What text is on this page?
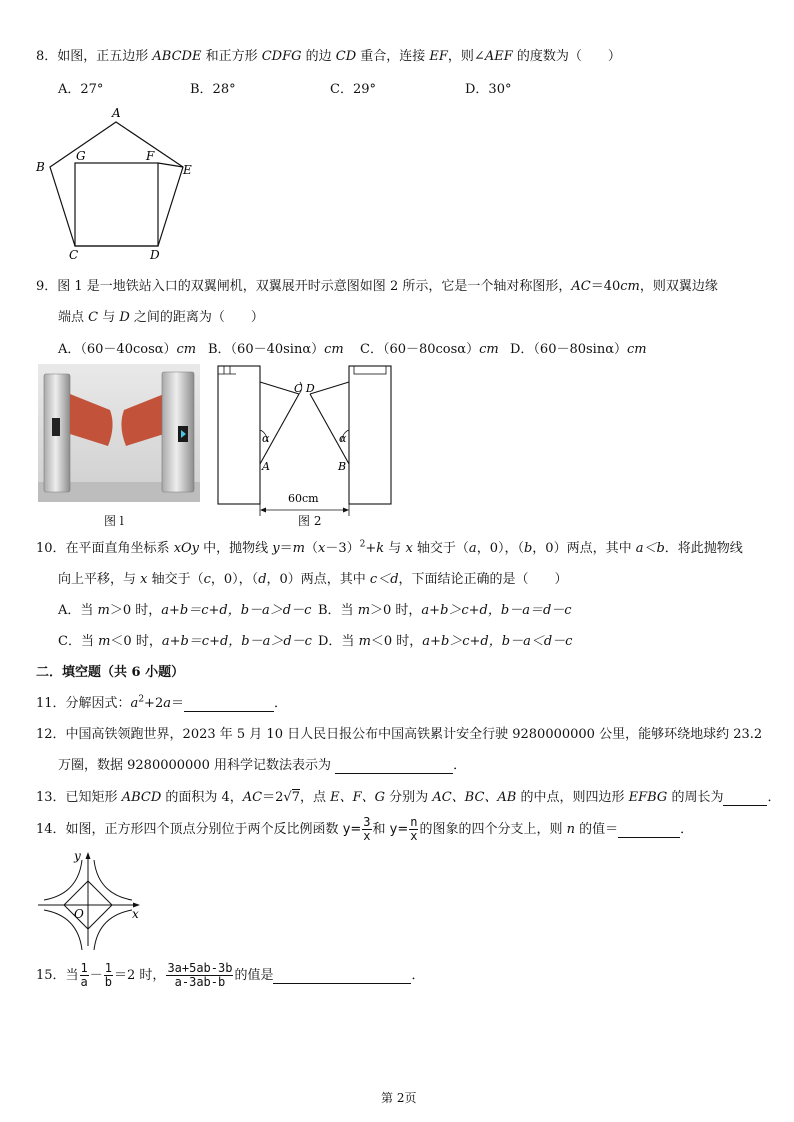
8．如图，正五边形 ABCDE 和正方形 CDFG 的边 CD 重合，连接 EF，则∠AEF 的度数为（　　）
A．27°	B．28°	C．29°	D．30°
A
B
G	F
E
C	D
9．图 1 是一地铁站入口的双翼闸机，双翼展开时示意图如图 2 所示，它是一个轴对称图形，AC＝40cm，则双翼边缘
端点 C 与 D 之间的距离为（　　）
A．（60－40cosα）cm B．（60－40sinα）cm C．（60－80cosα）cm D．（60－80sinα）cm
图 l
C D
α	α
A	B
60cm
图 2
10．在平面直角坐标系 xOy 中，抛物线 $y=m(x-3)^2+k$ 与 x 轴交于（a，0），（b，0）两点，其中 a＜b．将此抛物线
向上平移，与 x 轴交于（c，0），（d，0）两点，其中 c＜d，下面结论正确的是（　　）
A．当 m＞0 时，a+b＝c+d，b－a＞d－c B．当 m＞0 时，a+b＞c+d，b－a＝d－c
C．当 m＜0 时，a+b＝c+d，b－a＞d－c D．当 m＜0 时，a+b＞c+d，b－a＜d－c
二．填空题（共 6 小题）
11．分解因式：$a^2+2a=$	．
12．中国高铁领跑世界，2023 年 5 月 10 日人民日报公布中国高铁累计安全行驶 9280000000 公里，能够环绕地球约 23.2
万圈，数据 9280000000 用科学记数法表示为	．
13．已知矩形 ABCD 的面积为 4，AC＝2√7，点 E、F、G 分别为 AC、BC、AB 的中点，则四边形 EFBG 的周长为	．
14．如图，正方形四个顶点分别位于两个反比例函数 $y= \frac{3}{x}$ 和 $y= \frac{n}{x}$ 的图象的四个分支上，则 n 的值＝	．
y
x
O
15．当 $\frac{1}{a} - \frac{1}{b} =2$ 时， $\frac{3a+5ab-3b}{a-3ab-b}$ 的值是	．
第 2页
